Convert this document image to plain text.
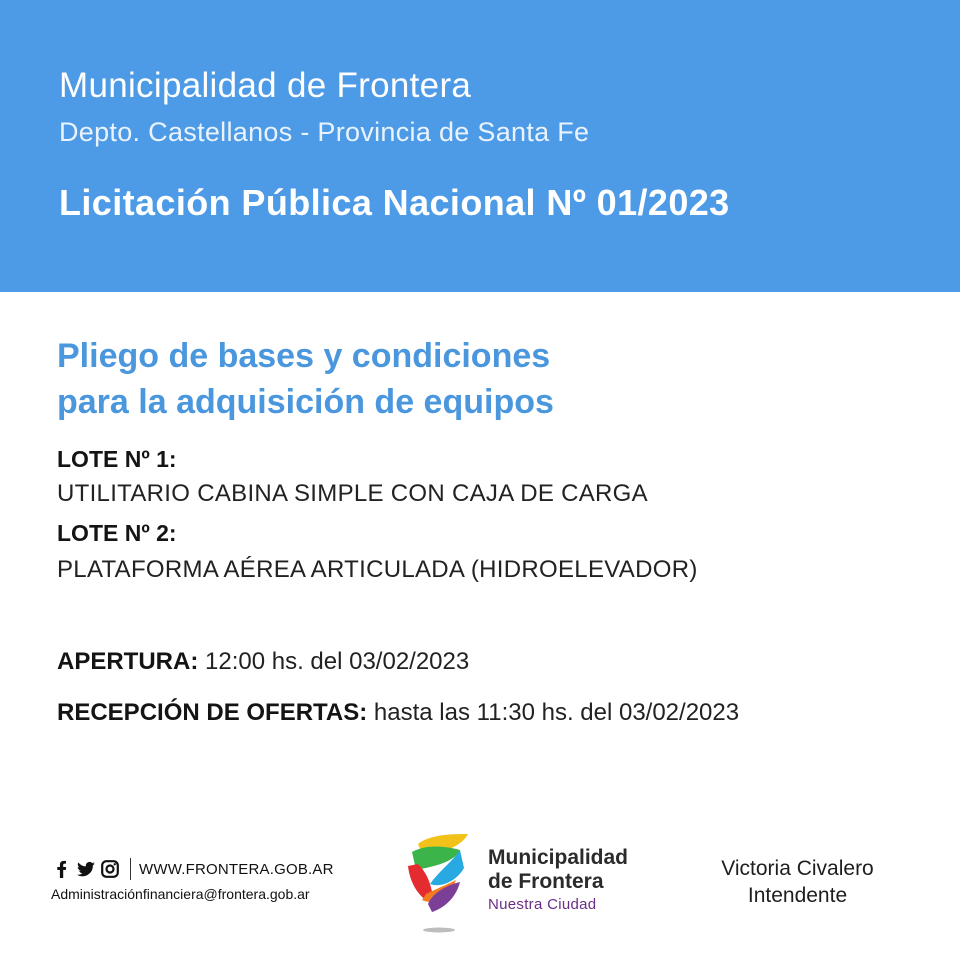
Municipalidad de Frontera
Depto. Castellanos - Provincia de Santa Fe
Licitación Pública Nacional Nº 01/2023
Pliego de bases y condiciones
para la adquisición de equipos
LOTE Nº 1:
UTILITARIO CABINA SIMPLE CON CAJA DE CARGA
LOTE Nº 2:
PLATAFORMA AÉREA ARTICULADA (HIDROELEVADOR)
APERTURA: 12:00 hs. del 03/02/2023
RECEPCIÓN DE OFERTAS: hasta las 11:30 hs. del 03/02/2023
WWW.FRONTERA.GOB.AR
Administraciónfinanciera@frontera.gob.ar
Municipalidad
de Frontera
Nuestra Ciudad
Victoria Civalero
Intendente
